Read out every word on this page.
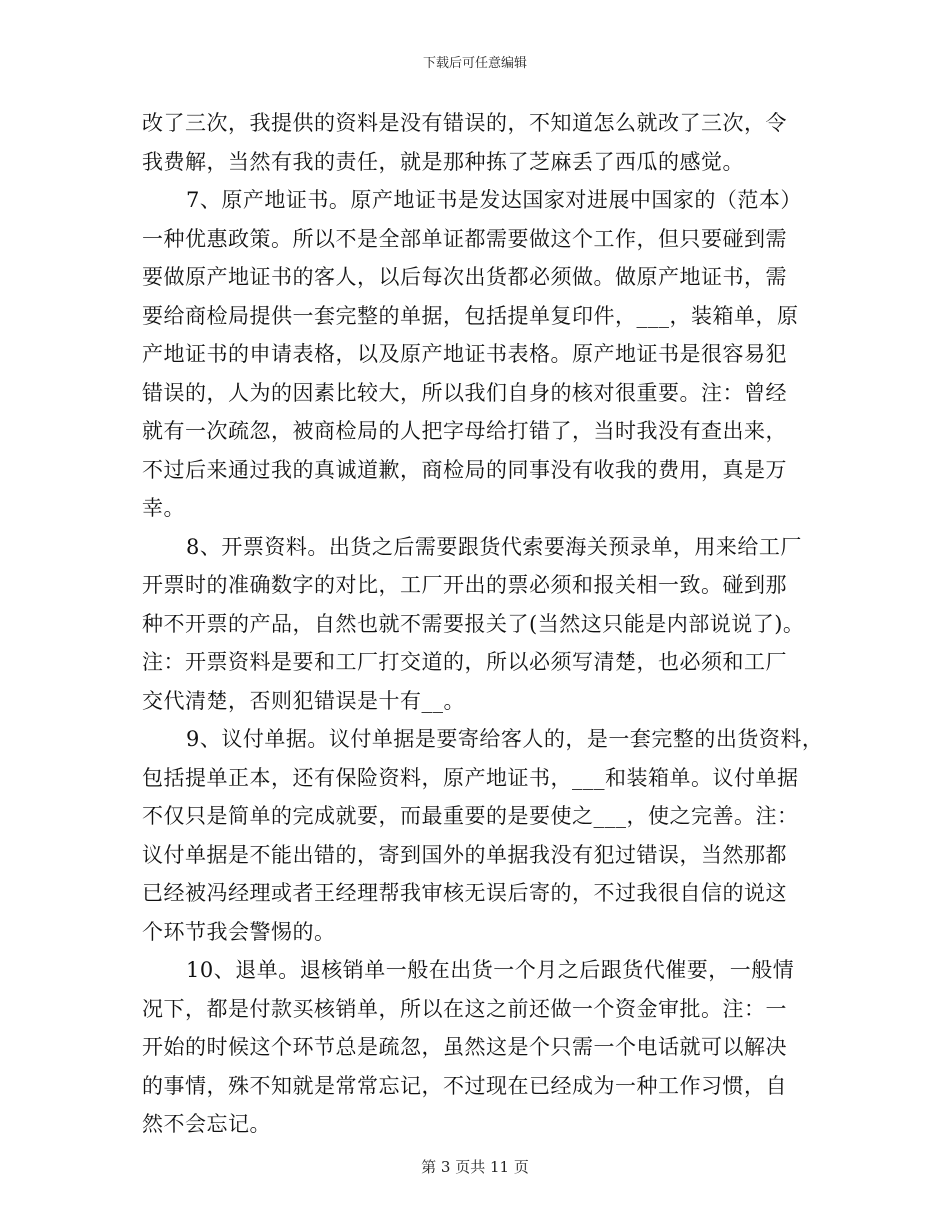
下载后可任意编辑
改了三次，我提供的资料是没有错误的，不知道怎么就改了三次，令
我费解，当然有我的责任，就是那种拣了芝麻丢了西瓜的感觉。
7、原产地证书。原产地证书是发达国家对进展中国家的（范本）
一种优惠政策。所以不是全部单证都需要做这个工作，但只要碰到需
要做原产地证书的客人，以后每次出货都必须做。做原产地证书，需
要给商检局提供一套完整的单据，包括提单复印件，___，装箱单，原
产地证书的申请表格，以及原产地证书表格。原产地证书是很容易犯
错误的，人为的因素比较大，所以我们自身的核对很重要。注：曾经
就有一次疏忽，被商检局的人把字母给打错了，当时我没有查出来，
不过后来通过我的真诚道歉，商检局的同事没有收我的费用，真是万
幸。
8、开票资料。出货之后需要跟货代索要海关预录单，用来给工厂
开票时的准确数字的对比，工厂开出的票必须和报关相一致。碰到那
种不开票的产品，自然也就不需要报关了(当然这只能是内部说说了)。
注：开票资料是要和工厂打交道的，所以必须写清楚，也必须和工厂
交代清楚，否则犯错误是十有__。
9、议付单据。议付单据是要寄给客人的，是一套完整的出货资料，
包括提单正本，还有保险资料，原产地证书，___和装箱单。议付单据
不仅只是简单的完成就要，而最重要的是要使之___，使之完善。注：
议付单据是不能出错的，寄到国外的单据我没有犯过错误，当然那都
已经被冯经理或者王经理帮我审核无误后寄的，不过我很自信的说这
个环节我会警惕的。
10、退单。退核销单一般在出货一个月之后跟货代催要，一般情
况下，都是付款买核销单，所以在这之前还做一个资金审批。注：一
开始的时候这个环节总是疏忽，虽然这是个只需一个电话就可以解决
的事情，殊不知就是常常忘记，不过现在已经成为一种工作习惯，自
然不会忘记。
第 3 页共 11 页
